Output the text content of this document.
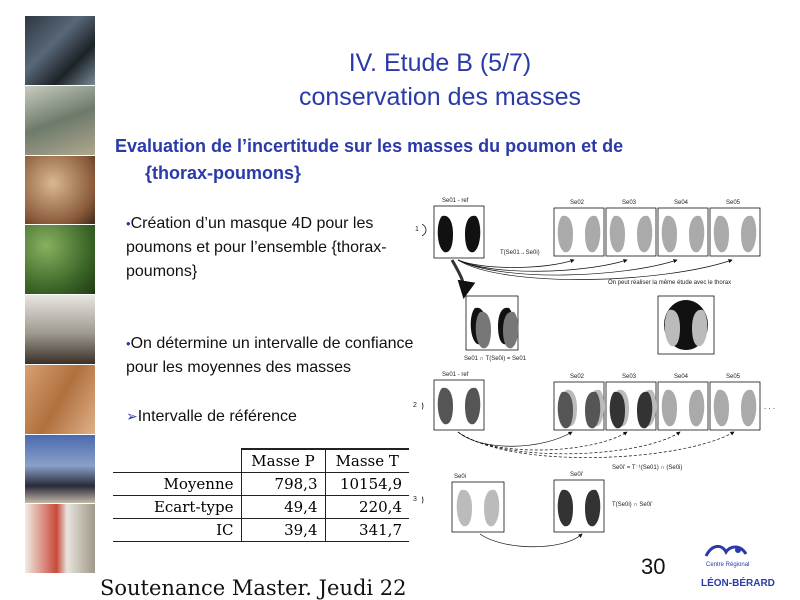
IV. Etude B (5/7)
conservation des masses
Evaluation de l’incertitude sur les masses du poumon et de
{thorax-poumons}
•Création d’un masque 4D pour les poumons et pour l’ensemble {thorax-poumons}
•On détermine un intervalle de confiance pour les moyennes des masses
➢Intervalle de référence
	Masse P	Masse T
Moyenne	798,3	10154,9
Ecart-type	49,4	220,4
IC	39,4	341,7
1
2
3
Se01 - ref	Se02	Se03	Se04	Se05
T(Se01→Se0i)
On peut réaliser la même étude avec le thorax
Se01 ∩ T(Se0i) = Se01
Se01 - ref	Se02	Se03	Se04	Se05
. . .
Se0i' = T⁻¹(Se01) ∩ (Se0i)
Se0i	Se0i'
T(Se0i) ∩ Se0i'
30
Soutenance Master. Jeudi 22
Centre Régional
LÉON-BÉRARD
